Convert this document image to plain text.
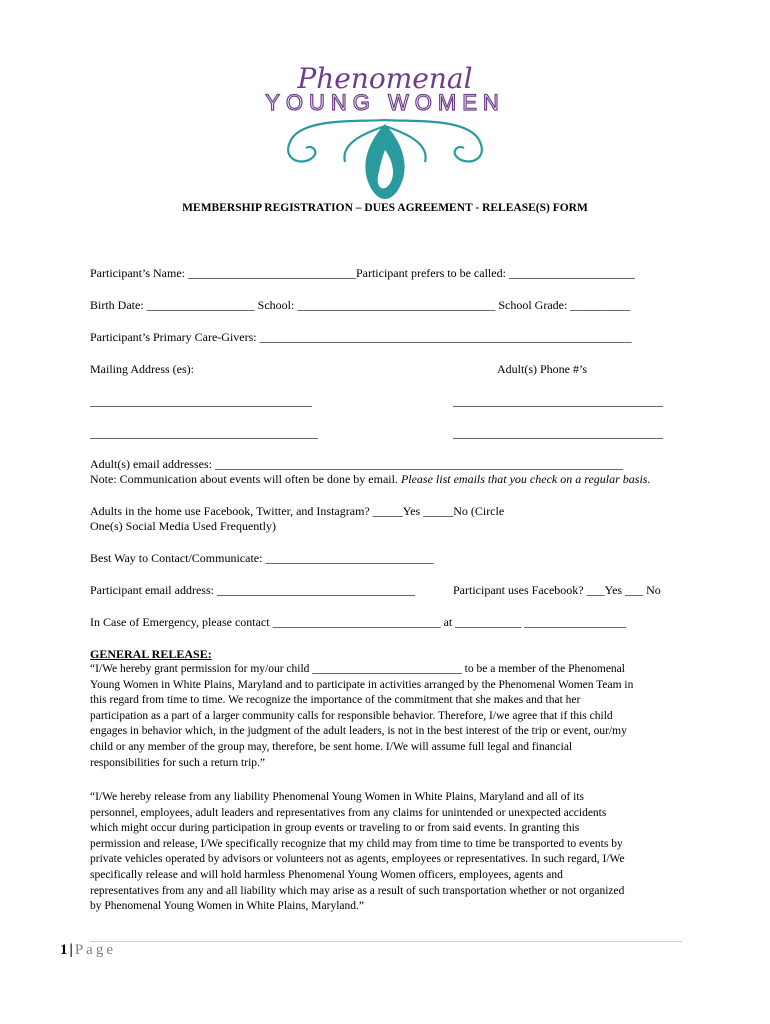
Phenomenal
YOUNG WOMEN
MEMBERSHIP REGISTRATION – DUES AGREEMENT - RELEASE(S) FORM
Participant’s Name: ____________________________Participant prefers to be called: _____________________
Birth Date: __________________ School: _________________________________ School Grade: __________
Participant’s Primary Care-Givers: ______________________________________________________________
Mailing Address (es):	Adult(s) Phone #’s
_____________________________________	___________________________________
______________________________________	___________________________________
Adult(s) email addresses: ____________________________________________________________________
Note: Communication about events will often be done by email. Please list emails that you check on a regular basis.
Adults in the home use Facebook, Twitter, and Instagram? _____Yes _____No (Circle
One(s) Social Media Used Frequently)
Best Way to Contact/Communicate: ____________________________
Participant email address: _________________________________	Participant uses Facebook? ___Yes ___ No
In Case of Emergency, please contact ____________________________ at ___________ _________________
GENERAL RELEASE:
“I/We hereby grant permission for my/our child __________________________ to be a member of the Phenomenal
Young Women in White Plains, Maryland and to participate in activities arranged by the Phenomenal Women Team in
this regard from time to time. We recognize the importance of the commitment that she makes and that her
participation as a part of a larger community calls for responsible behavior. Therefore, I/we agree that if this child
engages in behavior which, in the judgment of the adult leaders, is not in the best interest of the trip or event, our/my
child or any member of the group may, therefore, be sent home. I/We will assume full legal and financial
responsibilities for such a return trip.”
“I/We hereby release from any liability Phenomenal Young Women in White Plains, Maryland and all of its
personnel, employees, adult leaders and representatives from any claims for unintended or unexpected accidents
which might occur during participation in group events or traveling to or from said events. In granting this
permission and release, I/We specifically recognize that my child may from time to time be transported to events by
private vehicles operated by advisors or volunteers not as agents, employees or representatives. In such regard, I/We
specifically release and will hold harmless Phenomenal Young Women officers, employees, agents and
representatives from any and all liability which may arise as a result of such transportation whether or not organized
by Phenomenal Young Women in White Plains, Maryland.”
1 | Page
